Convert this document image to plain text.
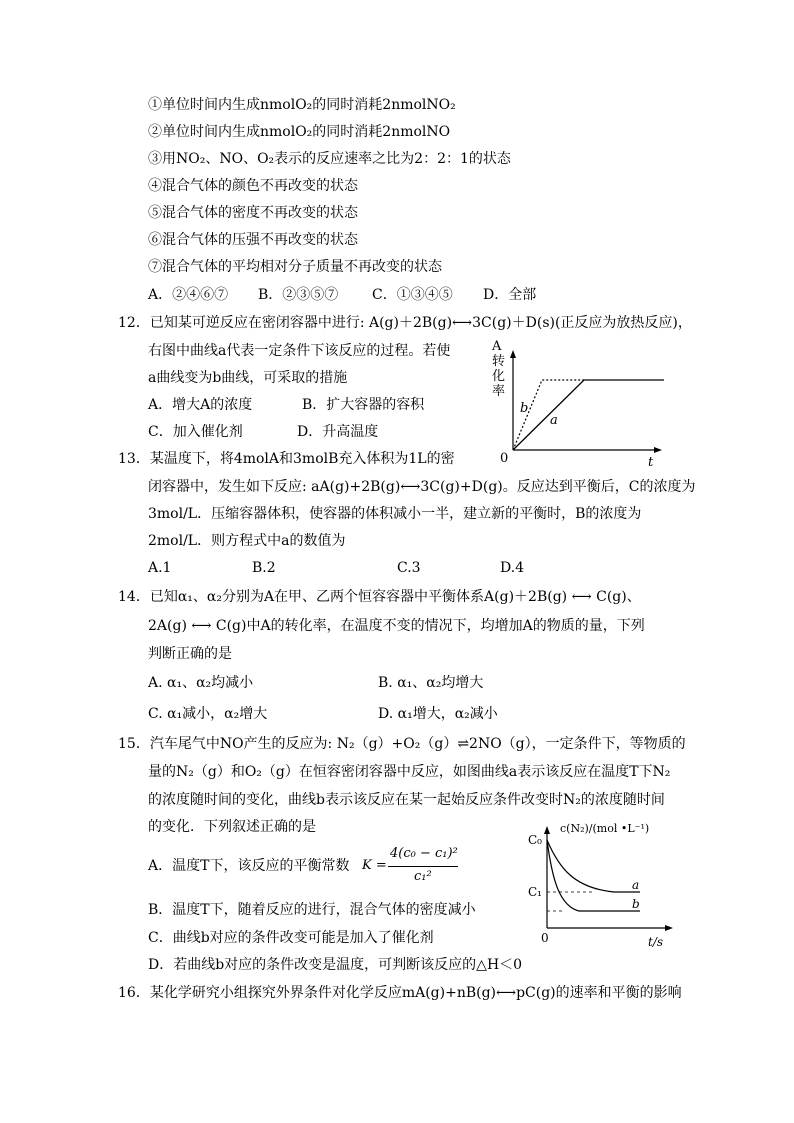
①单位时间内生成nmolO₂的同时消耗2nmolNO₂
②单位时间内生成nmolO₂的同时消耗2nmolNO
③用NO₂、NO、O₂表示的反应速率之比为2：2：1的状态
④混合气体的颜色不再改变的状态
⑤混合气体的密度不再改变的状态
⑥混合气体的压强不再改变的状态
⑦混合气体的平均相对分子质量不再改变的状态
A．②④⑥⑦ B．②③⑤⑦ C．①③④⑤ D．全部
12．已知某可逆反应在密闭容器中进行: A(g)＋2B(g)⟷3C(g)＋D(s)(正反应为放热反应)，
右图中曲线a代表一定条件下该反应的过程。若使
a曲线变为b曲线，可采取的措施
A．增大A的浓度	B．扩大容器的容积
C．加入催化剂	D．升高温度
A 转化率
b
a
0	t
13．某温度下，将4molA和3molB充入体积为1L的密
闭容器中，发生如下反应: aA(g)+2B(g)⟷3C(g)+D(g)。反应达到平衡后，C的浓度为
3mol/L．压缩容器体积，使容器的体积减小一半，建立新的平衡时，B的浓度为
2mol/L．则方程式中a的数值为
A.1	B.2	C.3	D.4
14．已知α₁、α₂分别为A在甲、乙两个恒容容器中平衡体系A(g)＋2B(g) ⟷ C(g)、
2A(g) ⟷ C(g)中A的转化率，在温度不变的情况下，均增加A的物质的量，下列
判断正确的是
A. α₁、α₂均减小	B. α₁、α₂均增大
C. α₁减小，α₂增大	D. α₁增大，α₂减小
15．汽车尾气中NO产生的反应为: N₂（g）+O₂（g）⇌2NO（g），一定条件下，等物质的
量的N₂（g）和O₂（g）在恒容密闭容器中反应，如图曲线a表示该反应在温度T下N₂
的浓度随时间的变化，曲线b表示该反应在某一起始反应条件改变时N₂的浓度随时间
的变化．下列叙述正确的是
A．温度T下，该反应的平衡常数 K =
4(c₀ − c₁)²
c₁²
B．温度T下，随着反应的进行，混合气体的密度减小
C．曲线b对应的条件改变可能是加入了催化剂
D．若曲线b对应的条件改变是温度，可判断该反应的△H＜0
c(N₂)/(mol •L⁻¹)
C₀
C₁
0	t/s
a
b
16．某化学研究小组探究外界条件对化学反应mA(g)+nB(g)⟷pC(g)的速率和平衡的影响
